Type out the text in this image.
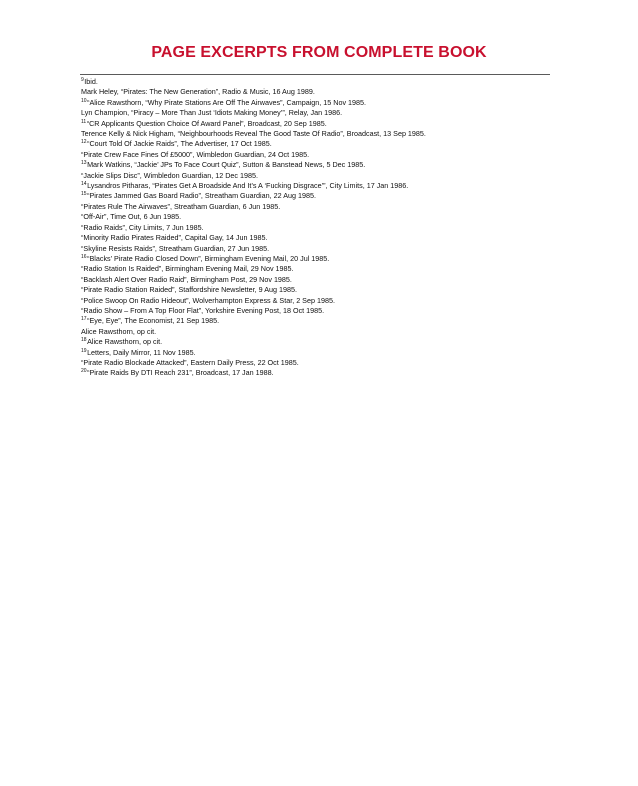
PAGE EXCERPTS FROM COMPLETE BOOK
$^9$Ibid.
Mark Heley, “Pirates: The New Generation”, Radio & Music, 16 Aug 1989.
$^{10}$“Alice Rawsthorn, “Why Pirate Stations Are Off The Airwaves”, Campaign, 15 Nov 1985.
Lyn Champion, “Piracy – More Than Just ‘Idiots Making Money’”, Relay, Jan 1986.
$^{11}$“CR Applicants Question Choice Of Award Panel”, Broadcast, 20 Sep 1985.
Terence Kelly & Nick Higham, “Neighbourhoods Reveal The Good Taste Of Radio”, Broadcast, 13 Sep 1985.
$^{12}$“Court Told Of Jackie Raids”, The Advertiser, 17 Oct 1985.
“Pirate Crew Face Fines Of £5000”, Wimbledon Guardian, 24 Oct 1985.
$^{13}$Mark Watkins, “Jackie’ JPs To Face Court Quiz”, Sutton & Banstead News, 5 Dec 1985.
“Jackie Slips Disc”, Wimbledon Guardian, 12 Dec 1985.
$^{14}$Lysandros Pitharas, “Pirates Get A Broadside And It’s A ‘Fucking Disgrace’”, City Limits, 17 Jan 1986.
$^{15}$“Pirates Jammed Gas Board Radio”, Streatham Guardian, 22 Aug 1985.
“Pirates Rule The Airwaves”, Streatham Guardian, 6 Jun 1985.
“Off-Air”, Time Out, 6 Jun 1985.
“Radio Raids”, City Limits, 7 Jun 1985.
“Minority Radio Pirates Raided”, Capital Gay, 14 Jun 1985.
“Skyline Resists Raids”, Streatham Guardian, 27 Jun 1985.
$^{16}$“Blacks’ Pirate Radio Closed Down”, Birmingham Evening Mail, 20 Jul 1985.
“Radio Station Is Raided”, Birmingham Evening Mail, 29 Nov 1985.
“Backlash Alert Over Radio Raid”, Birmingham Post, 29 Nov 1985.
“Pirate Radio Station Raided”, Staffordshire Newsletter, 9 Aug 1985.
“Police Swoop On Radio Hideout”, Wolverhampton Express & Star, 2 Sep 1985.
“Radio Show – From A Top Floor Flat”, Yorkshire Evening Post, 18 Oct 1985.
$^{17}$“Eye, Eye”, The Economist, 21 Sep 1985.
Alice Rawsthorn, op cit.
$^{18}$Alice Rawsthorn, op cit.
$^{19}$Letters, Daily Mirror, 11 Nov 1985.
“Pirate Radio Blockade Attacked”, Eastern Daily Press, 22 Oct 1985.
$^{20}$“Pirate Raids By DTI Reach 231”, Broadcast, 17 Jan 1988.
